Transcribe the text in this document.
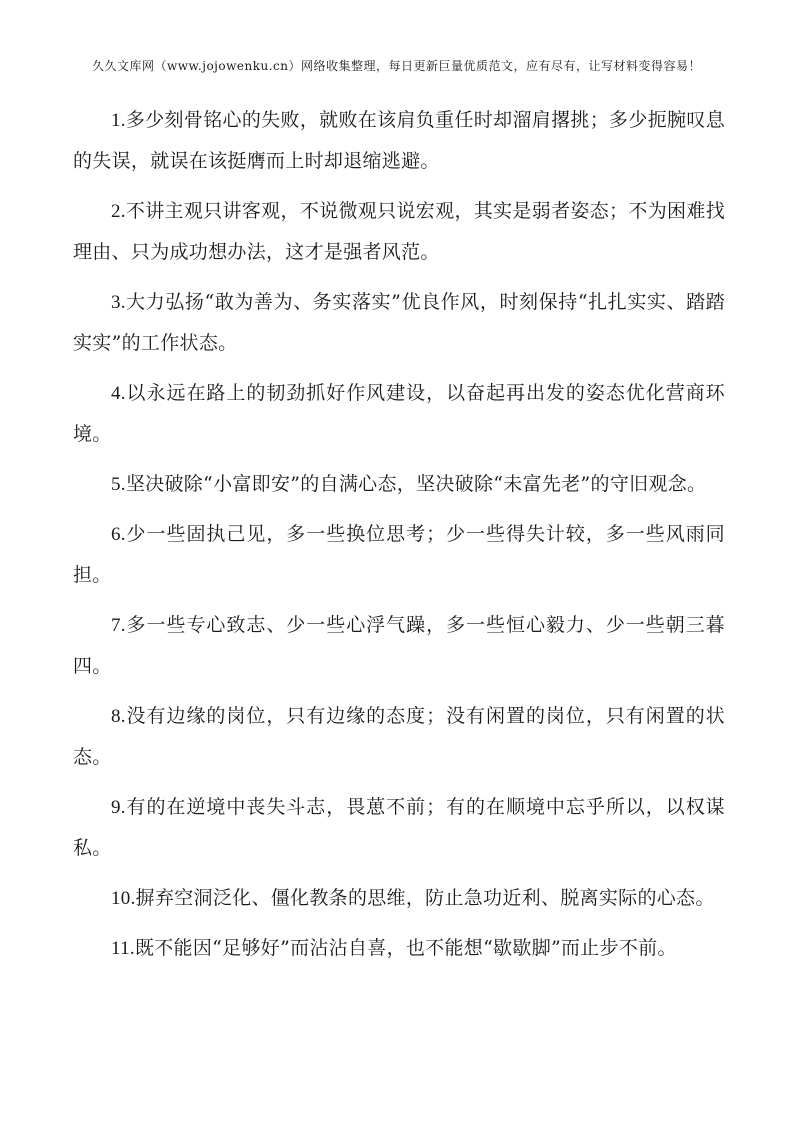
久久文库网（www.jojowenku.cn）网络收集整理，每日更新巨量优质范文，应有尽有，让写材料变得容易！

1.多少刻骨铭心的失败，就败在该肩负重任时却溜肩撂挑；多少扼腕叹息的失误，就误在该挺膺而上时却退缩逃避。

2.不讲主观只讲客观，不说微观只说宏观，其实是弱者姿态；不为困难找理由、只为成功想办法，这才是强者风范。

3.大力弘扬“敢为善为、务实落实”优良作风，时刻保持“扎扎实实、踏踏实实”的工作状态。

4.以永远在路上的韧劲抓好作风建设，以奋起再出发的姿态优化营商环境。

5.坚决破除“小富即安”的自满心态，坚决破除“未富先老”的守旧观念。

6.少一些固执己见，多一些换位思考；少一些得失计较，多一些风雨同担。

7.多一些专心致志、少一些心浮气躁，多一些恒心毅力、少一些朝三暮四。

8.没有边缘的岗位，只有边缘的态度；没有闲置的岗位，只有闲置的状态。

9.有的在逆境中丧失斗志，畏葸不前；有的在顺境中忘乎所以，以权谋私。

10.摒弃空洞泛化、僵化教条的思维，防止急功近利、脱离实际的心态。

11.既不能因“足够好”而沾沾自喜，也不能想“歇歇脚”而止步不前。
